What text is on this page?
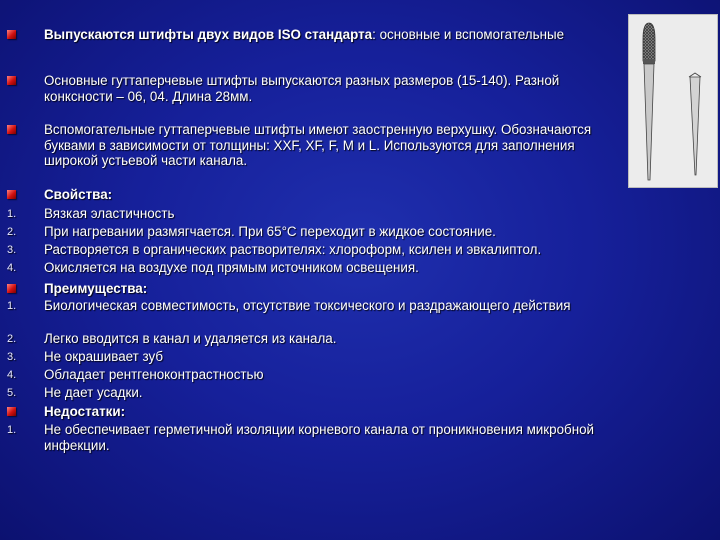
Выпускаются штифты двух видов ISO стандарта: основные и вспомогательные
Основные гуттаперчевые штифты выпускаются разных размеров (15-140). Разной конксности – 06, 04. Длина 28мм.
Вспомогательные гуттаперчевые штифты имеют заостренную верхушку. Обозначаются буквами в зависимости от толщины: XXF, XF, F, M и L. Используются для заполнения широкой устьевой части канала.
Свойства:
1. Вязкая эластичность
2. При нагревании размягчается. При 65°С переходит в жидкое состояние.
3. Растворяется в органических растворителях: хлороформ, ксилен и эвкалиптол.
4. Окисляется на воздухе под прямым источником освещения.
Преимущества:
1. Биологическая совместимость, отсутствие токсического и раздражающего действия
2. Легко вводится в канал и удаляется из канала.
3. Не окрашивает зуб
4. Обладает рентгеноконтрастностью
5. Не дает усадки.
Недостатки:
1. Не обеспечивает герметичной изоляции корневого канала от проникновения микробной инфекции.
